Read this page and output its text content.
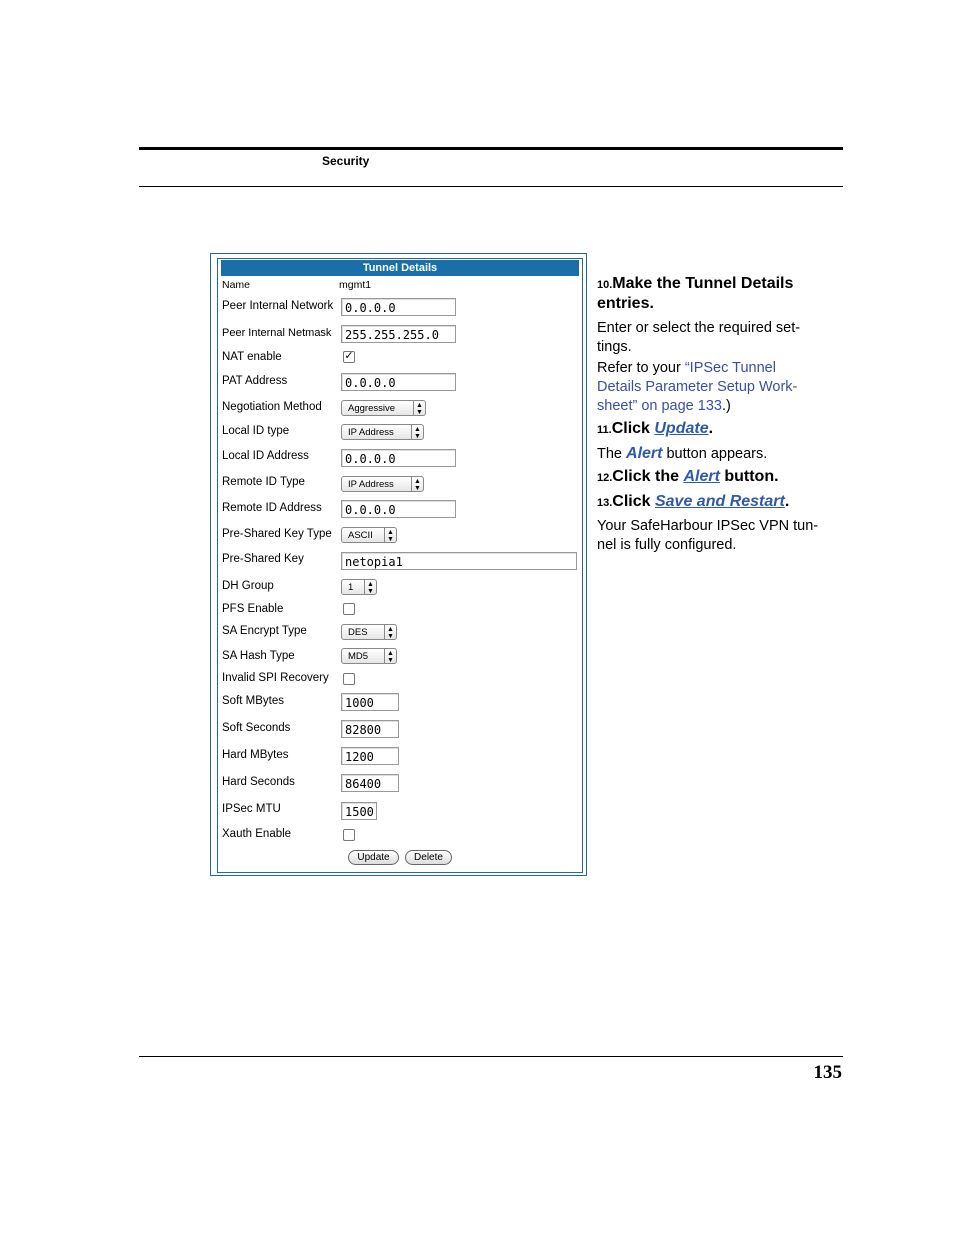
Security
Tunnel Details
Name	mgmt1
Peer Internal Network 0.0.0.0
Peer Internal Netmask	255.255.255.0
NAT enable	✓
PAT Address	0.0.0.0
Negotiation Method	Aggressive	▲
▼
Local ID type	IP Address	▲
▼
Local ID Address	0.0.0.0
Remote ID Type	IP Address	▲
▼
Remote ID Address	0.0.0.0
Pre-Shared Key Type	ASCII	▲
▼
Pre-Shared Key	netopia1
DH Group	1	▲
▼
PFS Enable
SA Encrypt Type	DES	▲
▼
SA Hash Type	MD5	▲
▼
Invalid SPI Recovery
Soft MBytes	1000
Soft Seconds	82800
Hard MBytes	1200
Hard Seconds	86400
IPSec MTU	1500
Xauth Enable
Update	Delete
10.Make the Tunnel Details
entries.
Enter or select the required set-
tings.
Refer to your “IPSec Tunnel
Details Parameter Setup Work-
sheet” on page 133.)
11.Click Update.
The Alert button appears.
12.Click the Alert button.
13.Click Save and Restart.
Your SafeHarbour IPSec VPN tun-
nel is fully configured.
135
